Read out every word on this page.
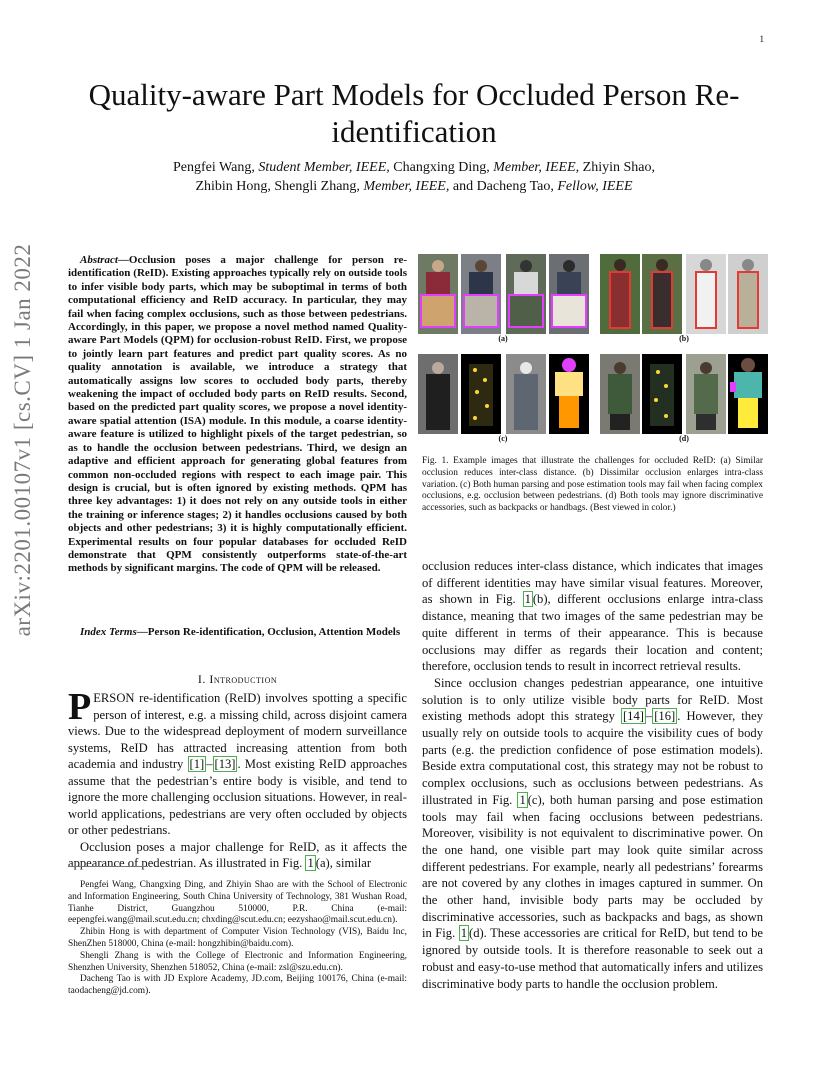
1
arXiv:2201.00107v1 [cs.CV] 1 Jan 2022
Quality-aware Part Models for Occluded Person Re-identification
Pengfei Wang, Student Member, IEEE, Changxing Ding, Member, IEEE, Zhiyin Shao,
Zhibin Hong, Shengli Zhang, Member, IEEE, and Dacheng Tao, Fellow, IEEE
Abstract—Occlusion poses a major challenge for person re-identification (ReID). Existing approaches typically rely on outside tools to infer visible body parts, which may be suboptimal in terms of both computational efficiency and ReID accuracy. In particular, they may fail when facing complex occlusions, such as those between pedestrians. Accordingly, in this paper, we propose a novel method named Quality-aware Part Models (QPM) for occlusion-robust ReID. First, we propose to jointly learn part features and predict part quality scores. As no quality annotation is available, we introduce a strategy that automatically assigns low scores to occluded body parts, thereby weakening the impact of occluded body parts on ReID results. Second, based on the predicted part quality scores, we propose a novel identity-aware spatial attention (ISA) module. In this module, a coarse identity-aware feature is utilized to highlight pixels of the target pedestrian, so as to handle the occlusion between pedestrians. Third, we design an adaptive and efficient approach for generating global features from common non-occluded regions with respect to each image pair. This design is crucial, but is often ignored by existing methods. QPM has three key advantages: 1) it does not rely on any outside tools in either the training or inference stages; 2) it handles occlusions caused by both objects and other pedestrians; 3) it is highly computationally efficient. Experimental results on four popular databases for occluded ReID demonstrate that QPM consistently outperforms state-of-the-art methods by significant margins. The code of QPM will be released.
Index Terms—Person Re-identification, Occlusion, Attention Models
I. Introduction

PERSON re-identification (ReID) involves spotting a specific person of interest, e.g. a missing child, across disjoint camera views. Due to the widespread deployment of modern surveillance systems, ReID has attracted increasing attention from both academia and industry [1] – [13] . Most existing ReID approaches assume that the pedestrian’s entire body is visible, and tend to ignore the more challenging occlusion situations. However, in real-world applications, pedestrians are very often occluded by objects or other pedestrians.

Occlusion poses a major challenge for ReID, as it affects the appearance of pedestrian. As illustrated in Fig. 1 (a), similar

Pengfei Wang, Changxing Ding, and Zhiyin Shao are with the School of Electronic and Information Engineering, South China University of Technology, 381 Wushan Road, Tianhe District, Guangzhou 510000, P.R. China (e-mail: eepengfei.wang@mail.scut.edu.cn; chxding@scut.edu.cn; eezyshao@mail.scut.edu.cn).

Zhibin Hong is with department of Computer Vision Technology (VIS), Baidu Inc, ShenZhen 518000, China (e-mail: hongzhibin@baidu.com).

Shengli Zhang is with the College of Electronic and Information Engineering, Shenzhen University, Shenzhen 518052, China (e-mail: zsl@szu.edu.cn).

Dacheng Tao is with JD Explore Academy, JD.com, Beijing 100176, China (e-mail: taodacheng@jd.com).

(a)	(b)
(c)	(d)
Fig. 1. Example images that illustrate the challenges for occluded ReID: (a) Similar occlusion reduces inter-class distance. (b) Dissimilar occlusion enlarges intra-class variation. (c) Both human parsing and pose estimation tools may fail when facing complex occlusions, e.g. occlusion between pedestrians. (d) Both tools may ignore discriminative accessories, such as backpacks or handbags. (Best viewed in color.)

occlusion reduces inter-class distance, which indicates that images of different identities may have similar visual features. Moreover, as shown in Fig. 1 (b), different occlusions enlarge intra-class distance, meaning that two images of the same pedestrian may be quite different in terms of their appearance. This is because occlusions may differ as regards their location and content; therefore, occlusion tends to result in incorrect retrieval results.

Since occlusion changes pedestrian appearance, one intuitive solution is to only utilize visible body parts for ReID. Most existing methods adopt this strategy [14] – [16] . However, they usually rely on outside tools to acquire the visibility cues of body parts (e.g. the prediction confidence of pose estimation models). Beside extra computational cost, this strategy may not be robust to complex occlusions, such as occlusions between pedestrians. As illustrated in Fig. 1 (c), both human parsing and pose estimation tools may fail when facing occlusions between pedestrians. Moreover, visibility is not equivalent to discriminative power. On the one hand, one visible part may look quite similar across different pedestrians. For example, nearly all pedestrians’ forearms are not covered by any clothes in images captured in summer. On the other hand, invisible body parts may be occluded by discriminative accessories, such as backpacks and bags, as shown in Fig. 1 (d). These accessories are critical for ReID, but tend to be ignored by outside tools. It is therefore reasonable to seek out a robust and easy-to-use method that automatically infers and utilizes discriminative body parts to handle the occlusion problem.
